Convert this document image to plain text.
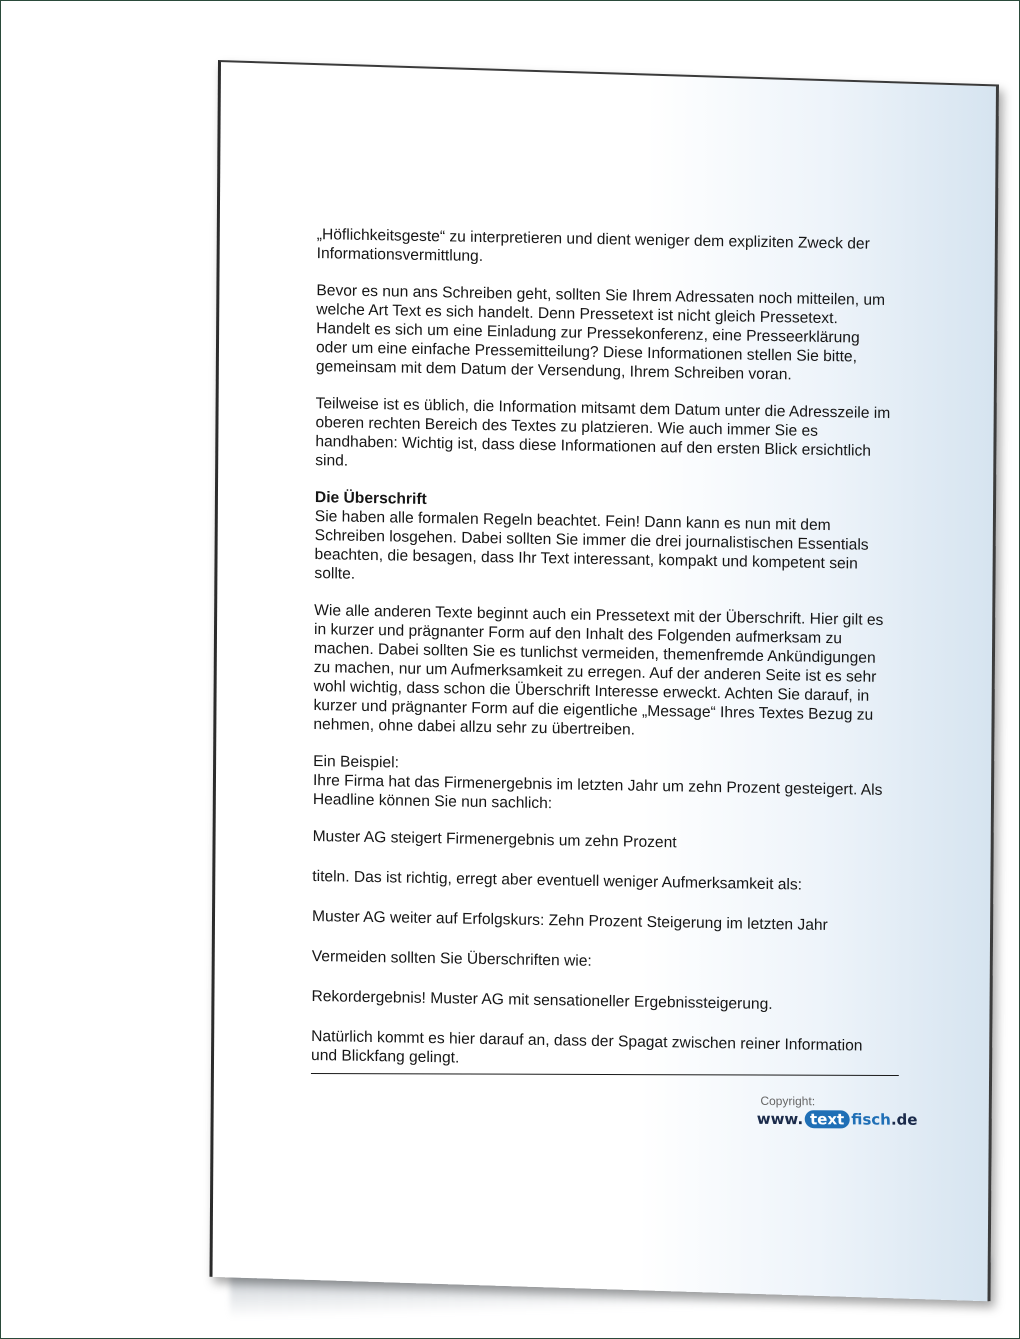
„Höflichkeitsgeste“ zu interpretieren und dient weniger dem expliziten Zweck der Informationsvermittlung.

Bevor es nun ans Schreiben geht, sollten Sie Ihrem Adressaten noch mitteilen, um welche Art Text es sich handelt. Denn Pressetext ist nicht gleich Pressetext. Handelt es sich um eine Einladung zur Pressekonferenz, eine Presseerklärung oder um eine einfache Pressemitteilung? Diese Informationen stellen Sie bitte, gemeinsam mit dem Datum der Versendung, Ihrem Schreiben voran.

Teilweise ist es üblich, die Information mitsamt dem Datum unter die Adresszeile im oberen rechten Bereich des Textes zu platzieren. Wie auch immer Sie es handhaben: Wichtig ist, dass diese Informationen auf den ersten Blick ersichtlich sind.

Die Überschrift

Sie haben alle formalen Regeln beachtet. Fein! Dann kann es nun mit dem Schreiben losgehen. Dabei sollten Sie immer die drei journalistischen Essentials beachten, die besagen, dass Ihr Text interessant, kompakt und kompetent sein sollte.

Wie alle anderen Texte beginnt auch ein Pressetext mit der Überschrift. Hier gilt es in kurzer und prägnanter Form auf den Inhalt des Folgenden aufmerksam zu machen. Dabei sollten Sie es tunlichst vermeiden, themenfremde Ankündigungen zu machen, nur um Aufmerksamkeit zu erregen. Auf der anderen Seite ist es sehr wohl wichtig, dass schon die Überschrift Interesse erweckt. Achten Sie darauf, in kurzer und prägnanter Form auf die eigentliche „Message“ Ihres Textes Bezug zu nehmen, ohne dabei allzu sehr zu übertreiben.

Ein Beispiel:

Ihre Firma hat das Firmenergebnis im letzten Jahr um zehn Prozent gesteigert. Als Headline können Sie nun sachlich:

Muster AG steigert Firmenergebnis um zehn Prozent

titeln. Das ist richtig, erregt aber eventuell weniger Aufmerksamkeit als:

Muster AG weiter auf Erfolgskurs: Zehn Prozent Steigerung im letzten Jahr

Vermeiden sollten Sie Überschriften wie:

Rekordergebnis! Muster AG mit sensationeller Ergebnissteigerung.

Natürlich kommt es hier darauf an, dass der Spagat zwischen reiner Information und Blickfang gelingt.

Copyright:
www. text fisch .de
